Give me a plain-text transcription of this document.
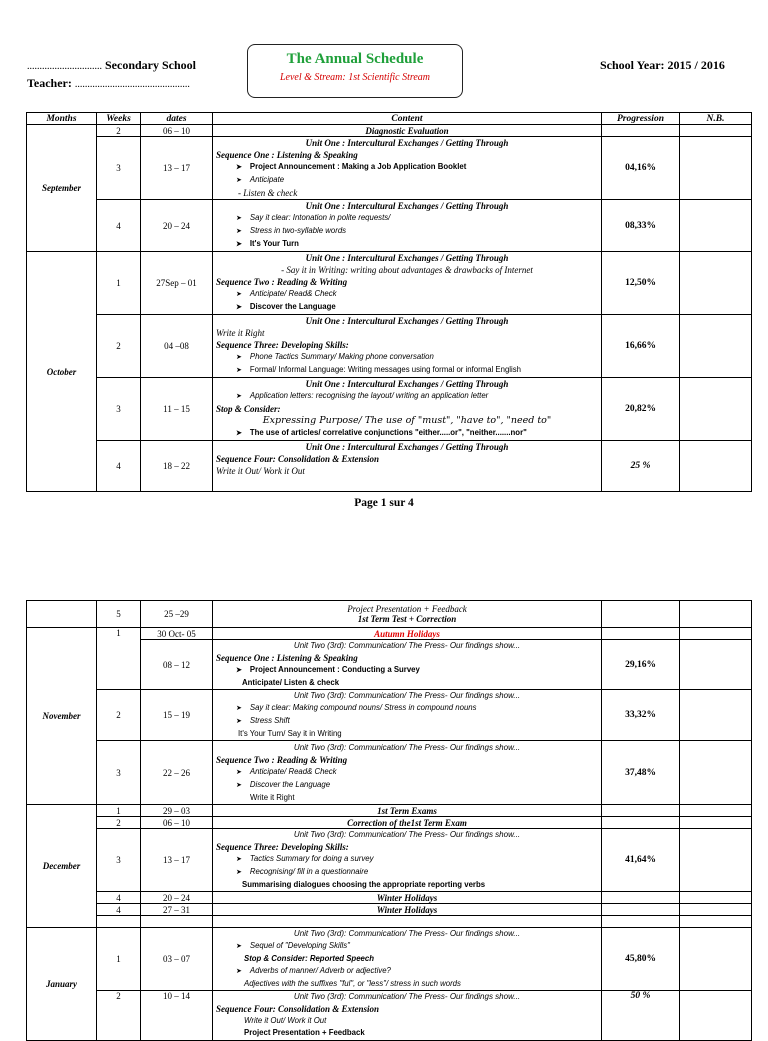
.............................. Secondary School
Teacher: ..............................................
The Annual Schedule
Level & Stream: 1st Scientific Stream
School Year: 2015 / 2016
Months	Weeks	dates	Content	Progression	N.B.
September	2	06 – 10	Diagnostic Evaluation		
	3	13 – 17	Unit One : Intercultural Exchanges / Getting Through
Sequence One : Listening & Speaking
➤ Project Announcement : Making a Job Application Booklet
➤ Anticipate
- Listen & check	04,16%	
	4	20 – 24	Unit One : Intercultural Exchanges / Getting Through
➤ Say it clear: Intonation in polite requests/
➤ Stress in two-syllable words
➤ It's Your Turn	08,33%	
October	1	27Sep – 01	Unit One : Intercultural Exchanges / Getting Through
- Say it in Writing: writing about advantages & drawbacks of Internet
Sequence Two : Reading & Writing
➤ Anticipate/ Read& Check
➤ Discover the Language	12,50%	
	2	04 –08	Unit One : Intercultural Exchanges / Getting Through
Write it Right
Sequence Three: Developing Skills:
➤ Phone Tactics Summary/ Making phone conversation
➤ Formal/ Informal Language: Writing messages using formal or informal English	16,66%	
	3	11 – 15	Unit One : Intercultural Exchanges / Getting Through
➤ Application letters: recognising the layout/ writing an application letter
Stop & Consider:
Expressing Purpose/ The use of "must", "have to", "need to"
➤ The use of articles/ correlative conjunctions "either.....or", "neither.......nor"	20,82%	
	4	18 – 22	Unit One : Intercultural Exchanges / Getting Through
Sequence Four: Consolidation & Extension
Write it Out/ Work it Out	25 %	
Page 1 sur 4
	5	25 –29	Project Presentation + Feedback
1st Term Test + Correction		

November	1	30 Oct- 05	Autumn Holidays		
		08 – 12	Unit Two (3rd): Communication/ The Press- Our findings show...
Sequence One : Listening & Speaking
➤ Project Announcement : Conducting a Survey
Anticipate/ Listen & check	29,16%	
	2	15 – 19	Unit Two (3rd): Communication/ The Press- Our findings show...
➤ Say it clear: Making compound nouns/ Stress in compound nouns
➤ Stress Shift
It's Your Turn/ Say it in Writing	33,32%	
	3	22 – 26	Unit Two (3rd): Communication/ The Press- Our findings show...
Sequence Two : Reading & Writing
➤ Anticipate/ Read& Check
➤ Discover the Language
Write it Right	37,48%	
December	1	29 – 03	1st Term Exams		
	2	06 – 10	Correction of the1st Term Exam		
	3	13 – 17	Unit Two (3rd): Communication/ The Press- Our findings show...
Sequence Three: Developing Skills:
➤ Tactics Summary for doing a survey
➤ Recognising/ fill in a questionnaire
Summarising dialogues choosing the appropriate reporting verbs	41,64%	
	4	20 – 24	Winter Holidays		
	4	27 – 31	Winter Holidays		

January	1	03 – 07	Unit Two (3rd): Communication/ The Press- Our findings show...
➤ Sequel of "Developing Skills"
Stop & Consider: Reported Speech
➤ Adverbs of manner/ Adverb or adjective?
Adjectives with the suffixes "ful", or "less"/ stress in such words	45,80%	
	2	10 – 14	Unit Two (3rd): Communication/ The Press- Our findings show...
Sequence Four: Consolidation & Extension
Write it Out/ Work it Out
Project Presentation + Feedback	50 %	
